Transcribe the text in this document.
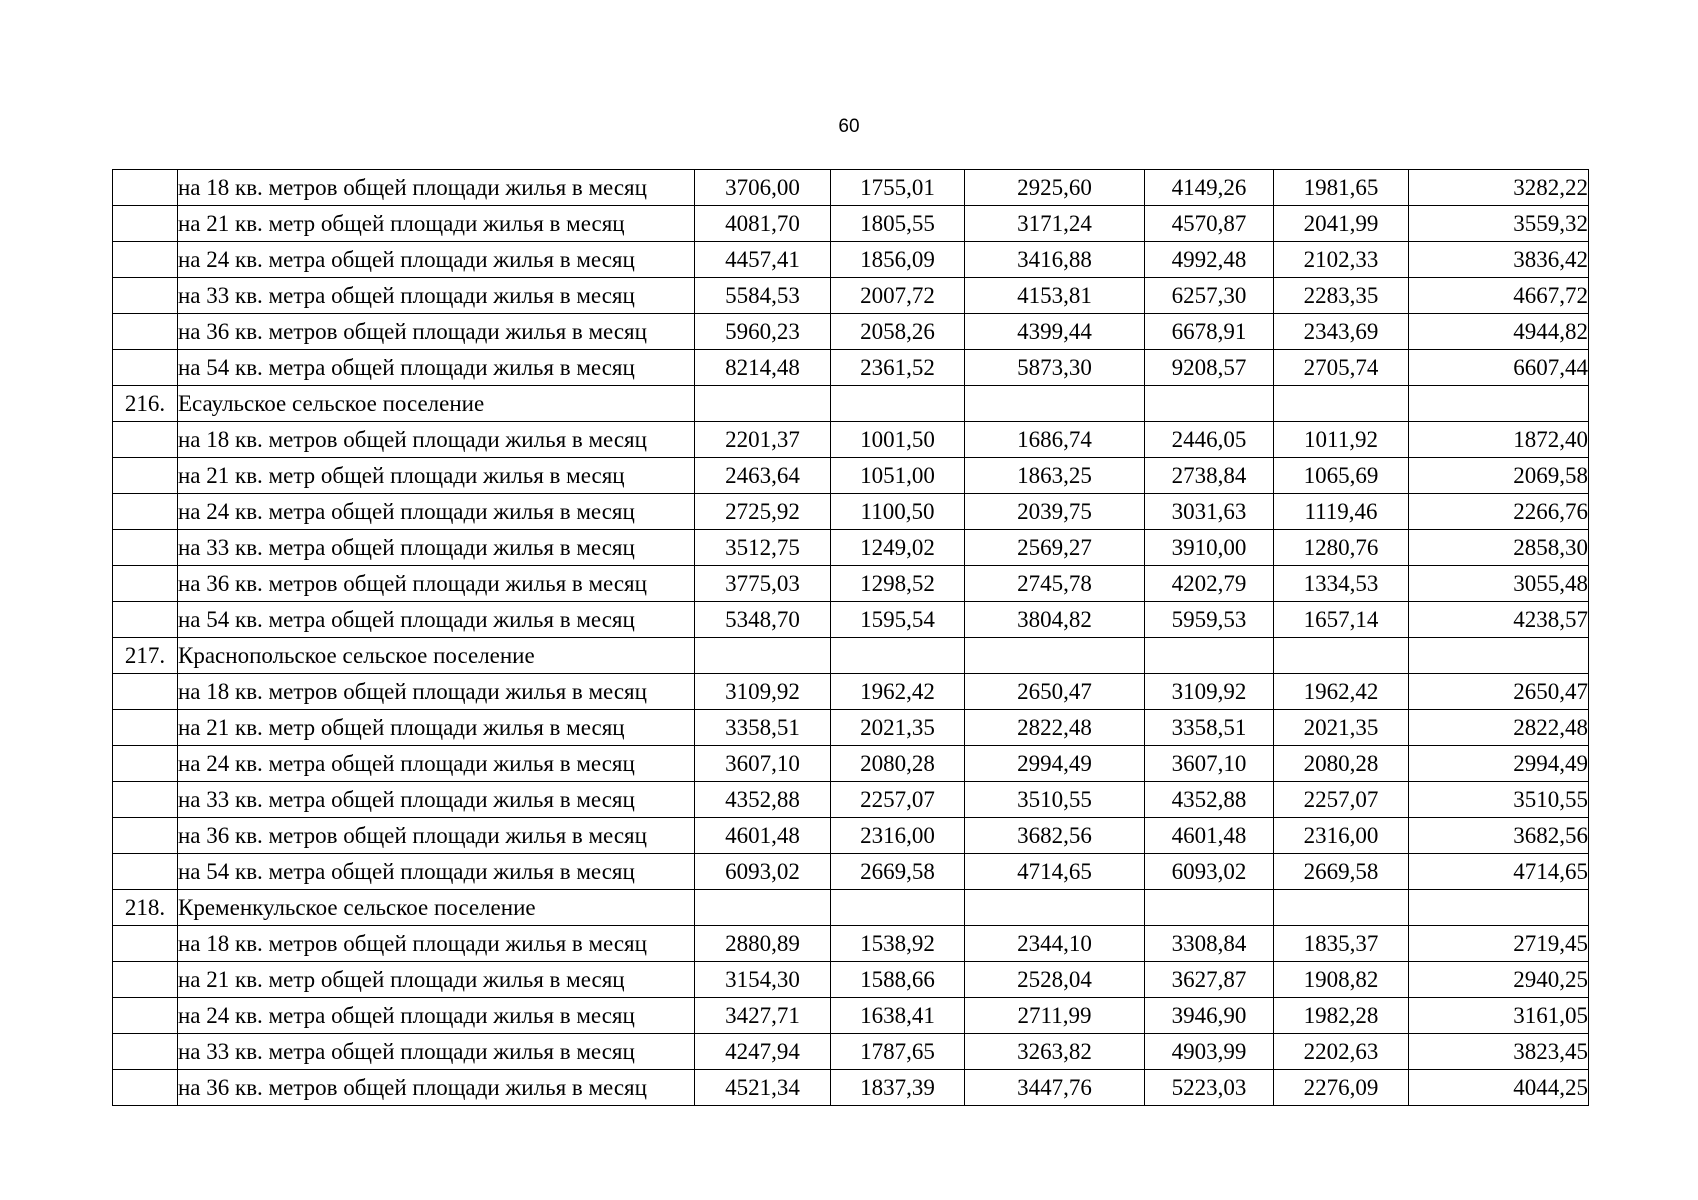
60
	на 18 кв. метров общей площади жилья в месяц	3706,00	1755,01	2925,60	4149,26	1981,65	3282,22
	на 21 кв. метр общей площади жилья в месяц	4081,70	1805,55	3171,24	4570,87	2041,99	3559,32
	на 24 кв. метра общей площади жилья в месяц	4457,41	1856,09	3416,88	4992,48	2102,33	3836,42
	на 33 кв. метра общей площади жилья в месяц	5584,53	2007,72	4153,81	6257,30	2283,35	4667,72
	на 36 кв. метров общей площади жилья в месяц	5960,23	2058,26	4399,44	6678,91	2343,69	4944,82
	на 54 кв. метра общей площади жилья в месяц	8214,48	2361,52	5873,30	9208,57	2705,74	6607,44
216.	Есаульское сельское поселение						
	на 18 кв. метров общей площади жилья в месяц	2201,37	1001,50	1686,74	2446,05	1011,92	1872,40
	на 21 кв. метр общей площади жилья в месяц	2463,64	1051,00	1863,25	2738,84	1065,69	2069,58
	на 24 кв. метра общей площади жилья в месяц	2725,92	1100,50	2039,75	3031,63	1119,46	2266,76
	на 33 кв. метра общей площади жилья в месяц	3512,75	1249,02	2569,27	3910,00	1280,76	2858,30
	на 36 кв. метров общей площади жилья в месяц	3775,03	1298,52	2745,78	4202,79	1334,53	3055,48
	на 54 кв. метра общей площади жилья в месяц	5348,70	1595,54	3804,82	5959,53	1657,14	4238,57
217.	Краснопольское сельское поселение						
	на 18 кв. метров общей площади жилья в месяц	3109,92	1962,42	2650,47	3109,92	1962,42	2650,47
	на 21 кв. метр общей площади жилья в месяц	3358,51	2021,35	2822,48	3358,51	2021,35	2822,48
	на 24 кв. метра общей площади жилья в месяц	3607,10	2080,28	2994,49	3607,10	2080,28	2994,49
	на 33 кв. метра общей площади жилья в месяц	4352,88	2257,07	3510,55	4352,88	2257,07	3510,55
	на 36 кв. метров общей площади жилья в месяц	4601,48	2316,00	3682,56	4601,48	2316,00	3682,56
	на 54 кв. метра общей площади жилья в месяц	6093,02	2669,58	4714,65	6093,02	2669,58	4714,65
218.	Кременкульское сельское поселение						
	на 18 кв. метров общей площади жилья в месяц	2880,89	1538,92	2344,10	3308,84	1835,37	2719,45
	на 21 кв. метр общей площади жилья в месяц	3154,30	1588,66	2528,04	3627,87	1908,82	2940,25
	на 24 кв. метра общей площади жилья в месяц	3427,71	1638,41	2711,99	3946,90	1982,28	3161,05
	на 33 кв. метра общей площади жилья в месяц	4247,94	1787,65	3263,82	4903,99	2202,63	3823,45
	на 36 кв. метров общей площади жилья в месяц	4521,34	1837,39	3447,76	5223,03	2276,09	4044,25
